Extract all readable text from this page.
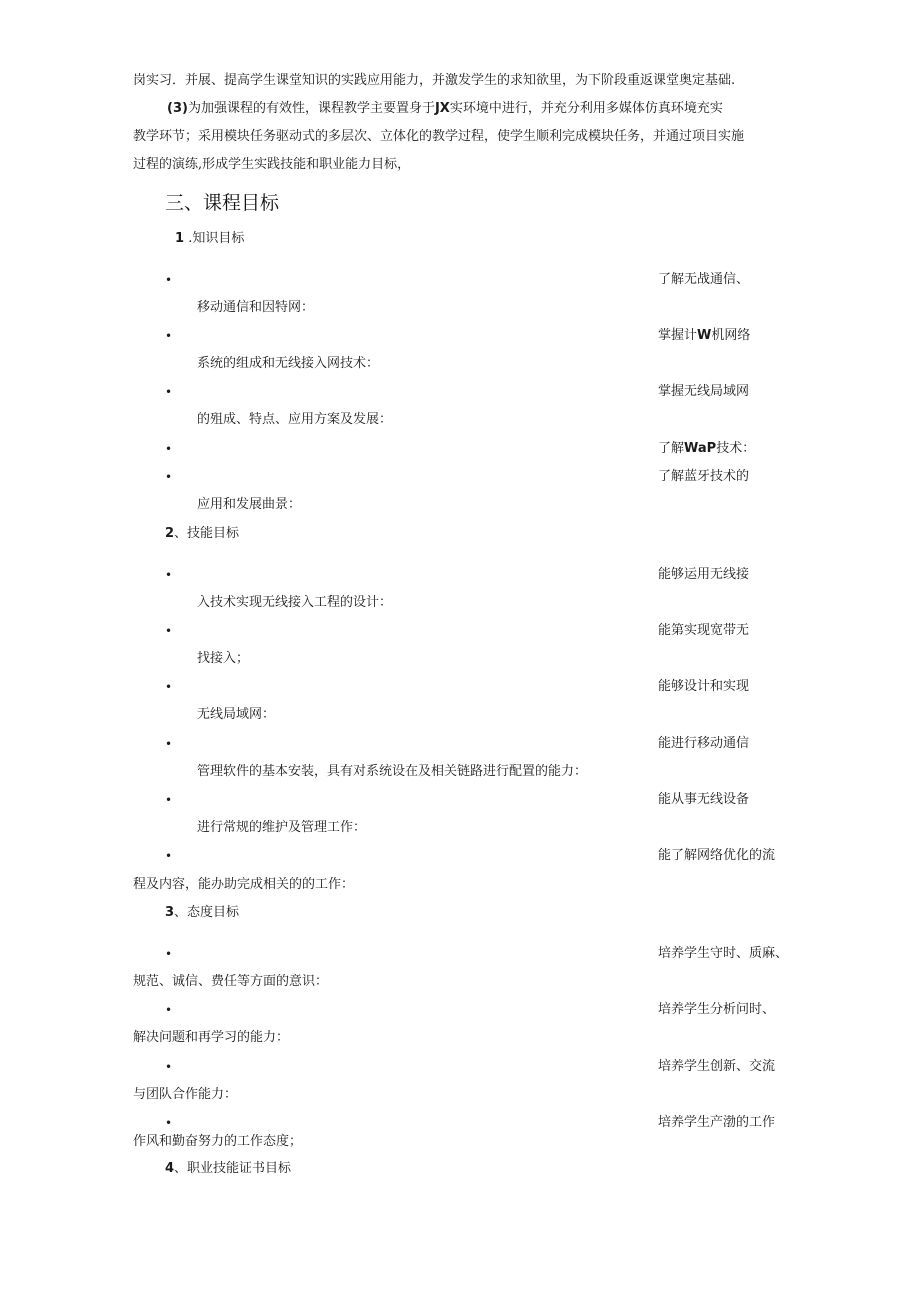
岗实习．并展、提高学生课堂知识的实践应用能力，并激发学生的求知欲里，为下阶段重返课堂奥定基础.
(3)为加强课程的有效性，课程教学主要置身于JX实环境中进行，并充分利用多媒体仿真环境充实
教学环节；采用模块任务驱动式的多层次、立体化的教学过程，使学生顺利完成模块任务，并通过项目实施
过程的演练,形成学生实践技能和职业能力目标，
三、课程目标
1 .知识目标
•	了解无战通信、
移动通信和因特网：
•	掌握计W机网络
系统的组成和无线接入网技术：
•	掌握无线局域网
的殂成、特点、应用方案及发展：
•	了解WaP技术：
•	了解蓝牙技术的
应用和发展曲景：
2、技能目标
•	能够运用无线接
入技术实现无线接入工程的设计：
•	能第实现宽带无
找接入；
•	能够设计和实现
无线局域网：
•	能进行移动通信
管理软件的基本安装，具有对系统设在及相关链路进行配置的能力：
•	能从事无线设备
进行常规的维护及管理工作：
•	能了解网络优化的流
程及内容，能办助完成相关的的工作：
3、态度目标
•	培养学生守时、质麻、
规范、诚信、费任等方面的意识：
•	培养学生分析问时、
解决问题和再学习的能力：
•	培养学生创新、交流
与团队合作能力：
•	培养学生产渤的工作
作风和勤奋努力的工作态度；
4、职业技能证书目标
